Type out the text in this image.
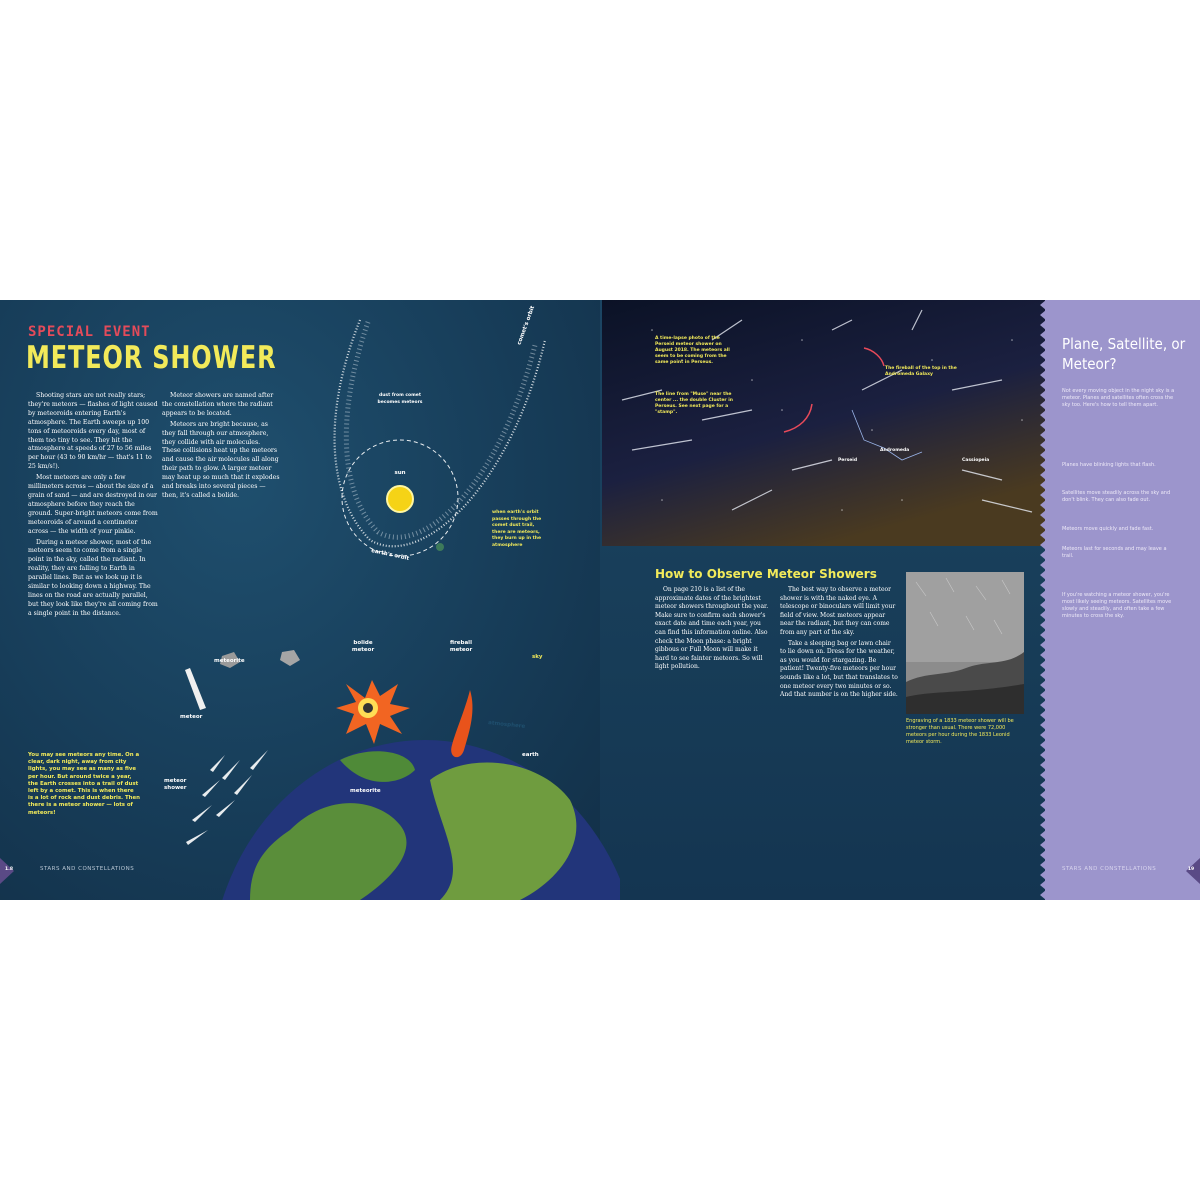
SPECIAL EVENT
METEOR SHOWER

Shooting stars are not really stars; they're meteors — flashes of light caused by meteoroids entering Earth's atmosphere. The Earth sweeps up 100 tons of meteoroids every day, most of them too tiny to see. They hit the atmosphere at speeds of 27 to 56 miles per hour (43 to 90 km/hr — that's 11 to 25 km/s!).

Most meteors are only a few millimeters across — about the size of a grain of sand — and are destroyed in our atmosphere before they reach the ground. Super-bright meteors come from meteoroids of around a centimeter across — the width of your pinkie.

During a meteor shower, most of the meteors seem to come from a single point in the sky, called the radiant. In reality, they are falling to Earth in parallel lines. But as we look up it is similar to looking down a highway. The lines on the road are actually parallel, but they look like they're all coming from a single point in the distance.

Meteor showers are named after the constellation where the radiant appears to be located.

Meteors are bright because, as they fall through our atmosphere, they collide with air molecules. These collisions heat up the meteors and cause the air molecules all along their path to glow. A larger meteor may heat up so much that it explodes and breaks into several pieces — then, it's called a bolide.

You may see meteors any time. On a clear, dark night, away from city lights, you may see as many as five per hour. But around twice a year, the Earth crosses into a trail of dust left by a comet. This is when there is a lot of rock and dust debris. Then there is a meteor shower — lots of meteors!
dust from comet becomes meteors
comet's orbit
sun
earth's orbit
when earth's orbit passes through the comet dust trail, there are meteors, they burn up in the atmosphere
meteorite
bolide meteor
fireball meteor
sky
meteor
atmosphere
earth
meteorite
meteor shower
STARS AND CONSTELLATIONS
1.8
A time-lapse photo of the Perseid meteor shower on August 2018. The meteors all seem to be coming from the same point in Perseus.
The line from "Muse" near the center ... the double Cluster in Perseus. See next page for a "stamp".
The fireball of the top in the Andromeda Galaxy
Perseid
Andromeda
Cassiopeia
How to Observe Meteor Showers

On page 210 is a list of the approximate dates of the brightest meteor showers throughout the year. Make sure to confirm each shower's exact date and time each year, you can find this information online. Also check the Moon phase: a bright gibbous or Full Moon will make it hard to see fainter meteors. So will light pollution.

The best way to observe a meteor shower is with the naked eye. A telescope or binoculars will limit your field of view. Most meteors appear near the radiant, but they can come from any part of the sky.

Take a sleeping bag or lawn chair to lie down on. Dress for the weather, as you would for stargazing. Be patient! Twenty-five meteors per hour sounds like a lot, but that translates to one meteor every two minutes or so. And that number is on the higher side.

Engraving of a 1833 meteor shower will be stronger than usual. There were 72,000 meteors per hour during the 1833 Leonid meteor storm.
Plane, Satellite, or Meteor?
Not every moving object in the night sky is a meteor. Planes and satellites often cross the sky too. Here's how to tell them apart.
Planes have blinking lights that flash.
Satellites move steadily across the sky and don't blink. They can also fade out.
Meteors move quickly and fade fast.
Meteors last for seconds and may leave a trail.
If you're watching a meteor shower, you're most likely seeing meteors. Satellites move slowly and steadily, and often take a few minutes to cross the sky.
STARS AND CONSTELLATIONS	19
